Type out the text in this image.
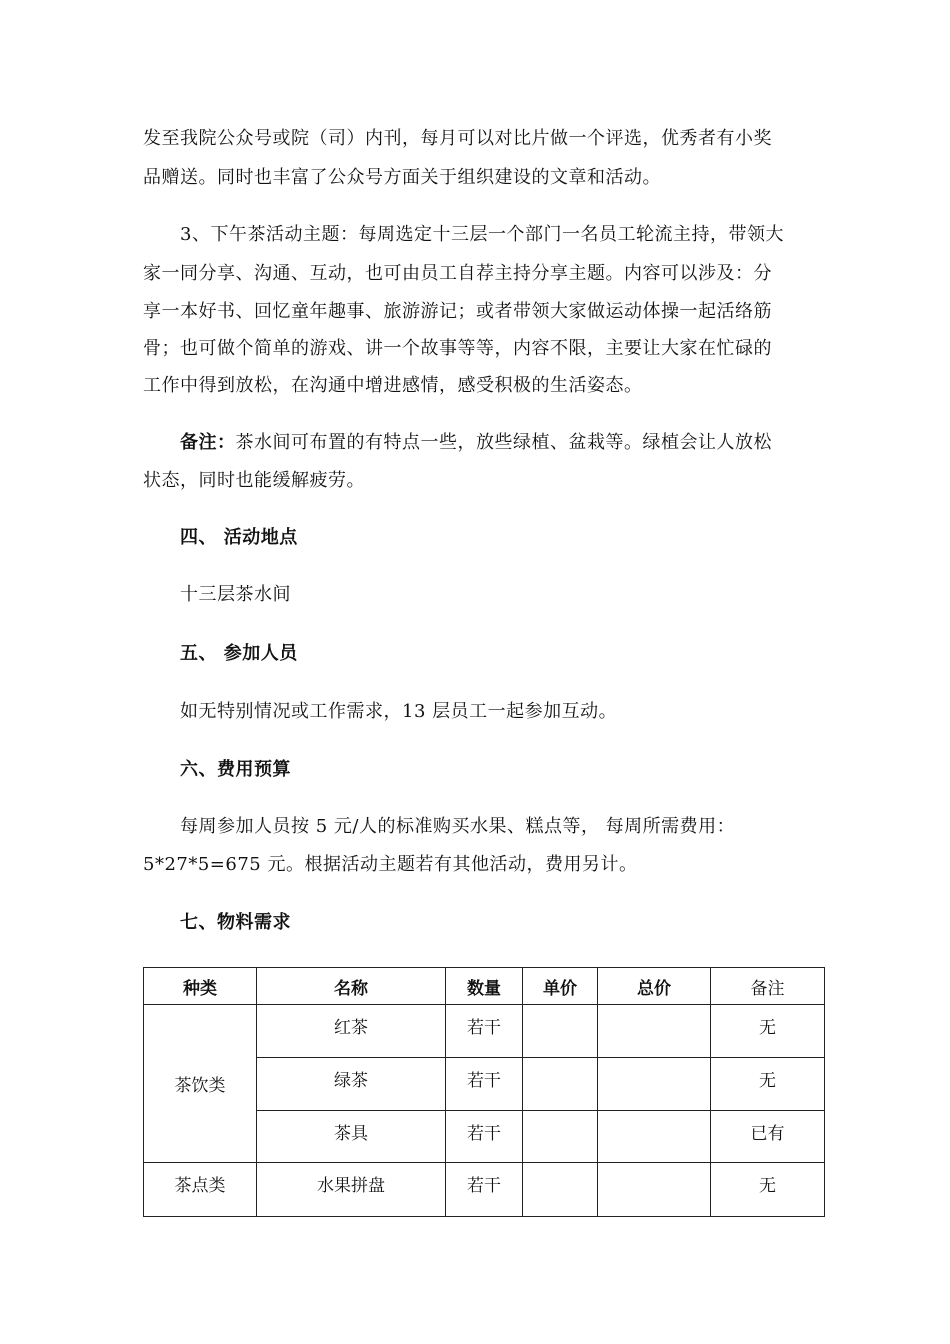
发至我院公众号或院（司）内刊，每月可以对比片做一个评选，优秀者有小奖
品赠送。同时也丰富了公众号方面关于组织建设的文章和活动。
3、下午茶活动主题：每周选定十三层一个部门一名员工轮流主持，带领大
家一同分享、沟通、互动，也可由员工自荐主持分享主题。内容可以涉及：分
享一本好书、回忆童年趣事、旅游游记；或者带领大家做运动体操一起活络筋
骨；也可做个简单的游戏、讲一个故事等等，内容不限，主要让大家在忙碌的
工作中得到放松，在沟通中增进感情，感受积极的生活姿态。
备注：茶水间可布置的有特点一些，放些绿植、盆栽等。绿植会让人放松
状态，同时也能缓解疲劳。
四、 活动地点
十三层茶水间
五、 参加人员
如无特别情况或工作需求，13 层员工一起参加互动。
六、费用预算
每周参加人员按 5 元/人的标准购买水果、糕点等， 每周所需费用：
5*27*5=675 元。根据活动主题若有其他活动，费用另计。
七、物料需求
种类	名称	数量	单价	总价	备注
茶饮类	红茶	若干			无
	绿茶	若干			无
	茶具	若干			已有
茶点类	水果拼盘	若干			无
